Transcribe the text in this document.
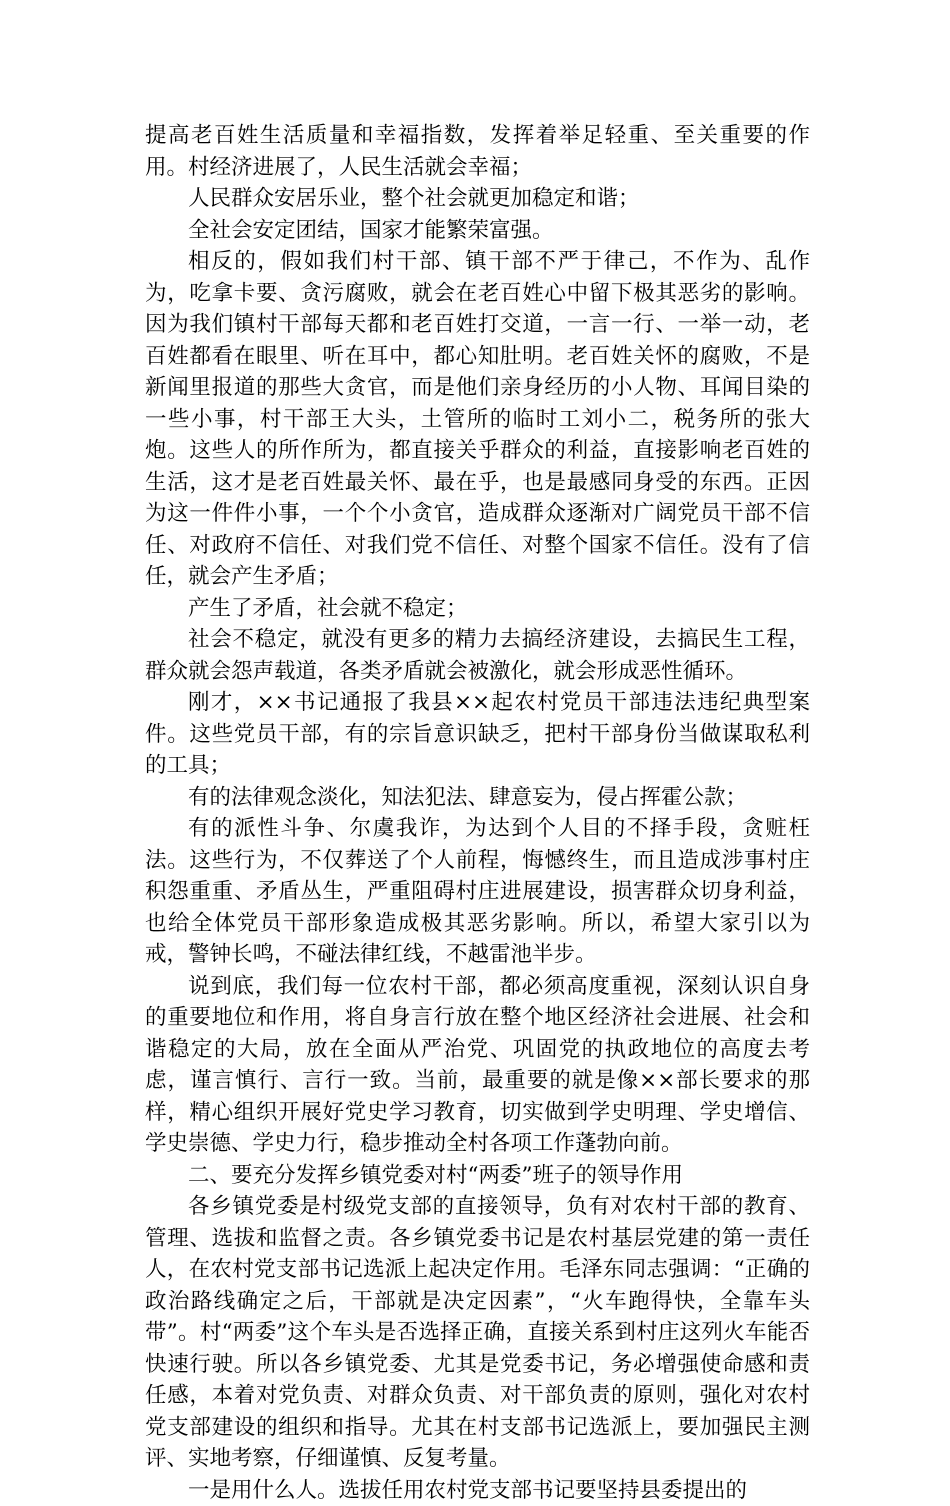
提高老百姓生活质量和幸福指数，发挥着举足轻重、至关重要的作用。村经济进展了，人民生活就会幸福；

人民群众安居乐业，整个社会就更加稳定和谐；

全社会安定团结，国家才能繁荣富强。

相反的，假如我们村干部、镇干部不严于律己，不作为、乱作为，吃拿卡要、贪污腐败，就会在老百姓心中留下极其恶劣的影响。因为我们镇村干部每天都和老百姓打交道，一言一行、一举一动，老百姓都看在眼里、听在耳中，都心知肚明。老百姓关怀的腐败，不是新闻里报道的那些大贪官，而是他们亲身经历的小人物、耳闻目染的一些小事，村干部王大头，土管所的临时工刘小二，税务所的张大炮。这些人的所作所为，都直接关乎群众的利益，直接影响老百姓的生活，这才是老百姓最关怀、最在乎，也是最感同身受的东西。正因为这一件件小事，一个个小贪官，造成群众逐渐对广阔党员干部不信任、对政府不信任、对我们党不信任、对整个国家不信任。没有了信任，就会产生矛盾；

产生了矛盾，社会就不稳定；

社会不稳定，就没有更多的精力去搞经济建设，去搞民生工程，群众就会怨声载道，各类矛盾就会被激化，就会形成恶性循环。

刚才，××书记通报了我县××起农村党员干部违法违纪典型案件。这些党员干部，有的宗旨意识缺乏，把村干部身份当做谋取私利的工具；

有的法律观念淡化，知法犯法、肆意妄为，侵占挥霍公款；

有的派性斗争、尔虞我诈，为达到个人目的不择手段，贪赃枉法。这些行为，不仅葬送了个人前程，悔憾终生，而且造成涉事村庄积怨重重、矛盾丛生，严重阻碍村庄进展建设，损害群众切身利益，也给全体党员干部形象造成极其恶劣影响。所以，希望大家引以为戒，警钟长鸣，不碰法律红线，不越雷池半步。

说到底，我们每一位农村干部，都必须高度重视，深刻认识自身的重要地位和作用，将自身言行放在整个地区经济社会进展、社会和谐稳定的大局，放在全面从严治党、巩固党的执政地位的高度去考虑，谨言慎行、言行一致。当前，最重要的就是像××部长要求的那样，精心组织开展好党史学习教育，切实做到学史明理、学史增信、学史崇德、学史力行，稳步推动全村各项工作蓬勃向前。

二、要充分发挥乡镇党委对村“两委”班子的领导作用

各乡镇党委是村级党支部的直接领导，负有对农村干部的教育、管理、选拔和监督之责。各乡镇党委书记是农村基层党建的第一责任人，在农村党支部书记选派上起决定作用。毛泽东同志强调：“正确的政治路线确定之后，干部就是决定因素”，“火车跑得快，全靠车头带”。村“两委”这个车头是否选择正确，直接关系到村庄这列火车能否快速行驶。所以各乡镇党委、尤其是党委书记，务必增强使命感和责任感，本着对党负责、对群众负责、对干部负责的原则，强化对农村党支部建设的组织和指导。尤其在村支部书记选派上，要加强民主测评、实地考察，仔细谨慎、反复考量。

一是用什么人。选拔任用农村党支部书记要坚持县委提出的
